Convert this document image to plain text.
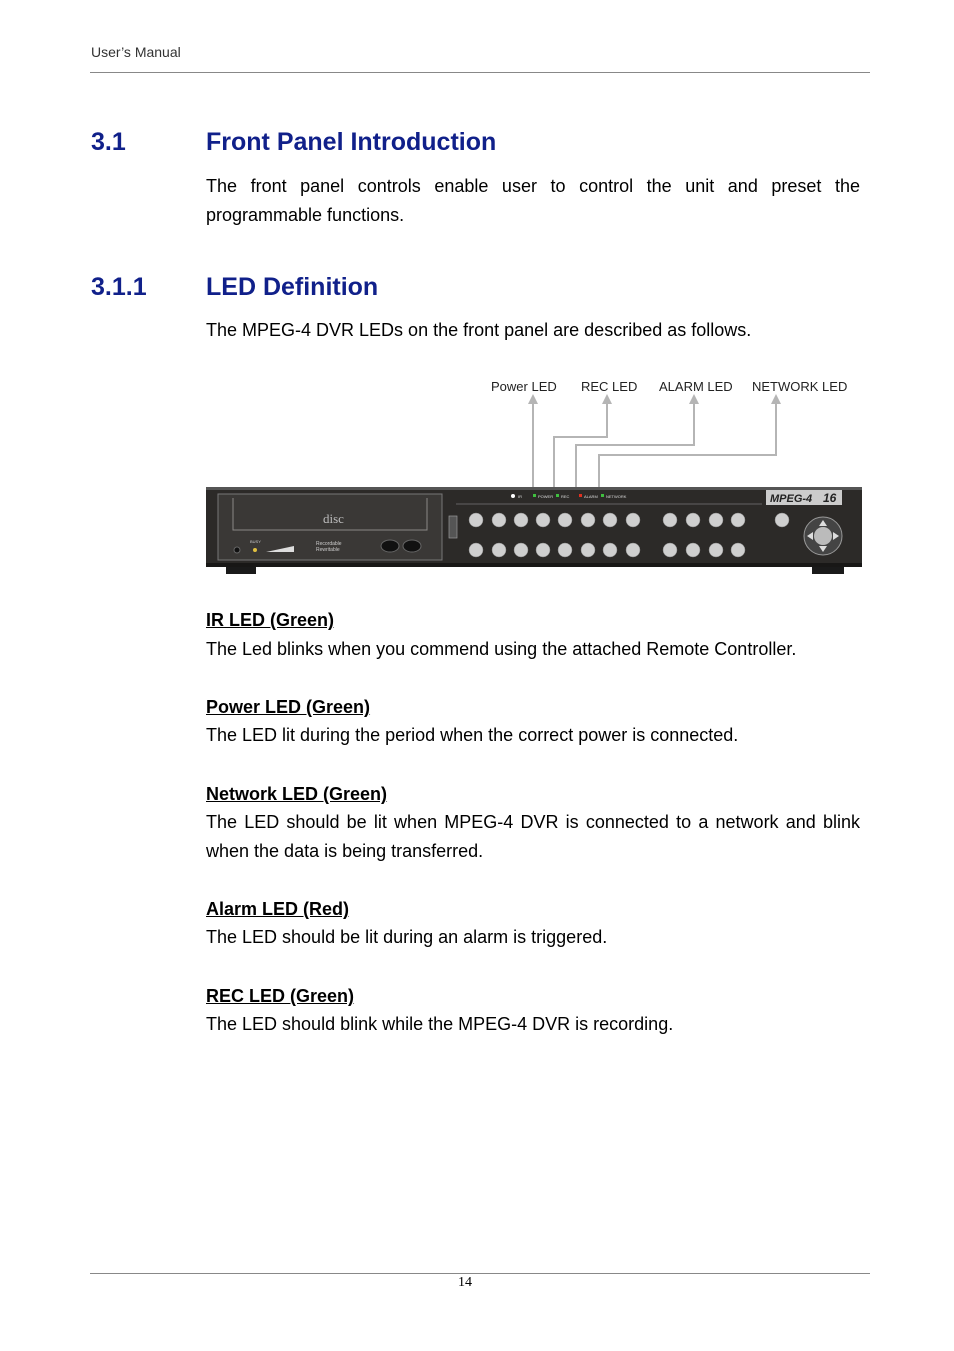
User’s Manual
3.1	Front Panel Introduction
The front panel controls enable user to control the unit and preset the programmable functions.
3.1.1 LED Definition
The MPEG-4 DVR LEDs on the front panel are described as follows.
Power LED REC LED ALARM LED NETWORK LED
disc
BUSY	Recordable
Rewritable
IR	POWER REC	ALARM NETWORK	MPEG-4 16
IR LED (Green)
The Led blinks when you commend using the attached Remote Controller.
Power LED (Green)
The LED lit during the period when the correct power is connected.
Network LED (Green)
The LED should be lit when MPEG-4 DVR is connected to a network and blink when the data is being transferred.
Alarm LED (Red)
The LED should be lit during an alarm is triggered.
REC LED (Green)
The LED should blink while the MPEG-4 DVR is recording.
14
